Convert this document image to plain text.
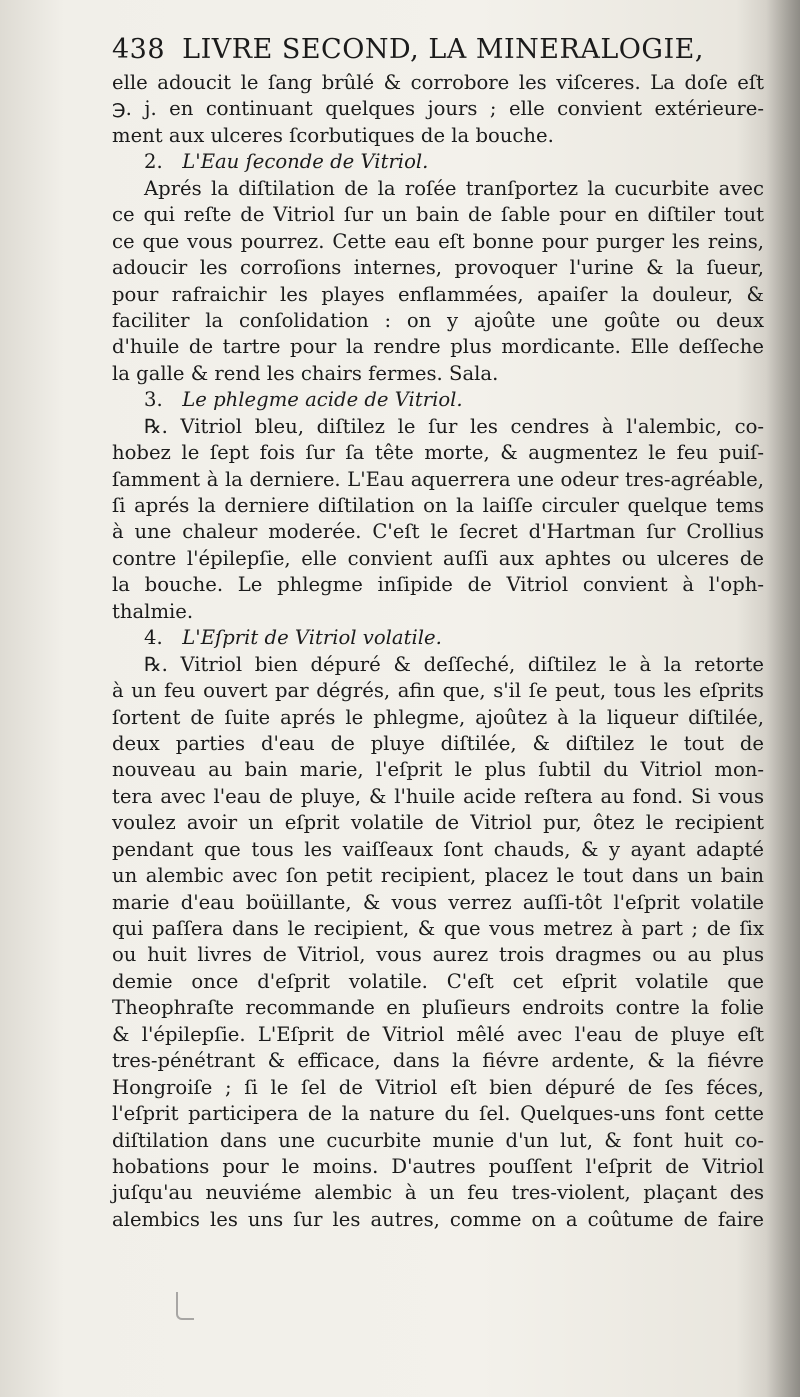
438 LIVRE SECOND, LA MINERALOGIE,
elle adoucit le ſang brûlé & corrobore les viſceres. La doſe eſt
℈. j. en continuant quelques jours ; elle convient extérieure-
ment aux ulceres ſcorbutiques de la bouche.
2.  L'Eau ſeconde de Vitriol.
Aprés la diſtilation de la roſée tranſportez la cucurbite avec
ce qui reſte de Vitriol ſur un bain de ſable pour en diſtiler tout
ce que vous pourrez. Cette eau eſt bonne pour purger les reins,
adoucir les corroſions internes, provoquer l'urine & la ſueur,
pour rafraichir les playes enflammées, apaiſer la douleur, &
faciliter la conſolidation : on y ajoûte une goûte ou deux
d'huile de tartre pour la rendre plus mordicante. Elle deſſeche
la galle & rend les chairs fermes. Sala.
3.  Le phlegme acide de Vitriol.
℞. Vitriol bleu, diſtilez le ſur les cendres à l'alembic, co-
hobez le ſept fois ſur ſa tête morte, & augmentez le feu puiſ-
ſamment à la derniere. L'Eau aquerrera une odeur tres-agréable,
ſi aprés la derniere diſtilation on la laiſſe circuler quelque tems
à une chaleur moderée. C'eſt le ſecret d'Hartman ſur Crollius
contre l'épilepſie, elle convient auſſi aux aphtes ou ulceres de
la bouche. Le phlegme inſipide de Vitriol convient à l'oph-
thalmie.
4.  L'Eſprit de Vitriol volatile.
℞. Vitriol bien dépuré & deſſeché, diſtilez le à la retorte
à un feu ouvert par dégrés, afin que, s'il ſe peut, tous les eſprits
ſortent de ſuite aprés le phlegme, ajoûtez à la liqueur diſtilée,
deux parties d'eau de pluye diſtilée, & diſtilez le tout de
nouveau au bain marie, l'eſprit le plus ſubtil du Vitriol mon-
tera avec l'eau de pluye, & l'huile acide reſtera au fond. Si vous
voulez avoir un eſprit volatile de Vitriol pur, ôtez le recipient
pendant que tous les vaiſſeaux ſont chauds, & y ayant adapté
un alembic avec ſon petit recipient, placez le tout dans un bain
marie d'eau boüillante, & vous verrez auſſi-tôt l'eſprit volatile
qui paſſera dans le recipient, & que vous metrez à part ; de ſix
ou huit livres de Vitriol, vous aurez trois dragmes ou au plus
demie once d'eſprit volatile. C'eſt cet eſprit volatile que
Theophraſte recommande en pluſieurs endroits contre la folie
& l'épilepſie. L'Eſprit de Vitriol mêlé avec l'eau de pluye eſt
tres-pénétrant & efficace, dans la fiévre ardente, & la fiévre
Hongroiſe ; ſi le ſel de Vitriol eſt bien dépuré de ſes féces,
l'eſprit participera de la nature du ſel. Quelques-uns font cette
diſtilation dans une cucurbite munie d'un lut, & font huit co-
hobations pour le moins. D'autres pouſſent l'eſprit de Vitriol
juſqu'au neuviéme alembic à un feu tres-violent, plaçant des
alembics les uns ſur les autres, comme on a coûtume de faire
